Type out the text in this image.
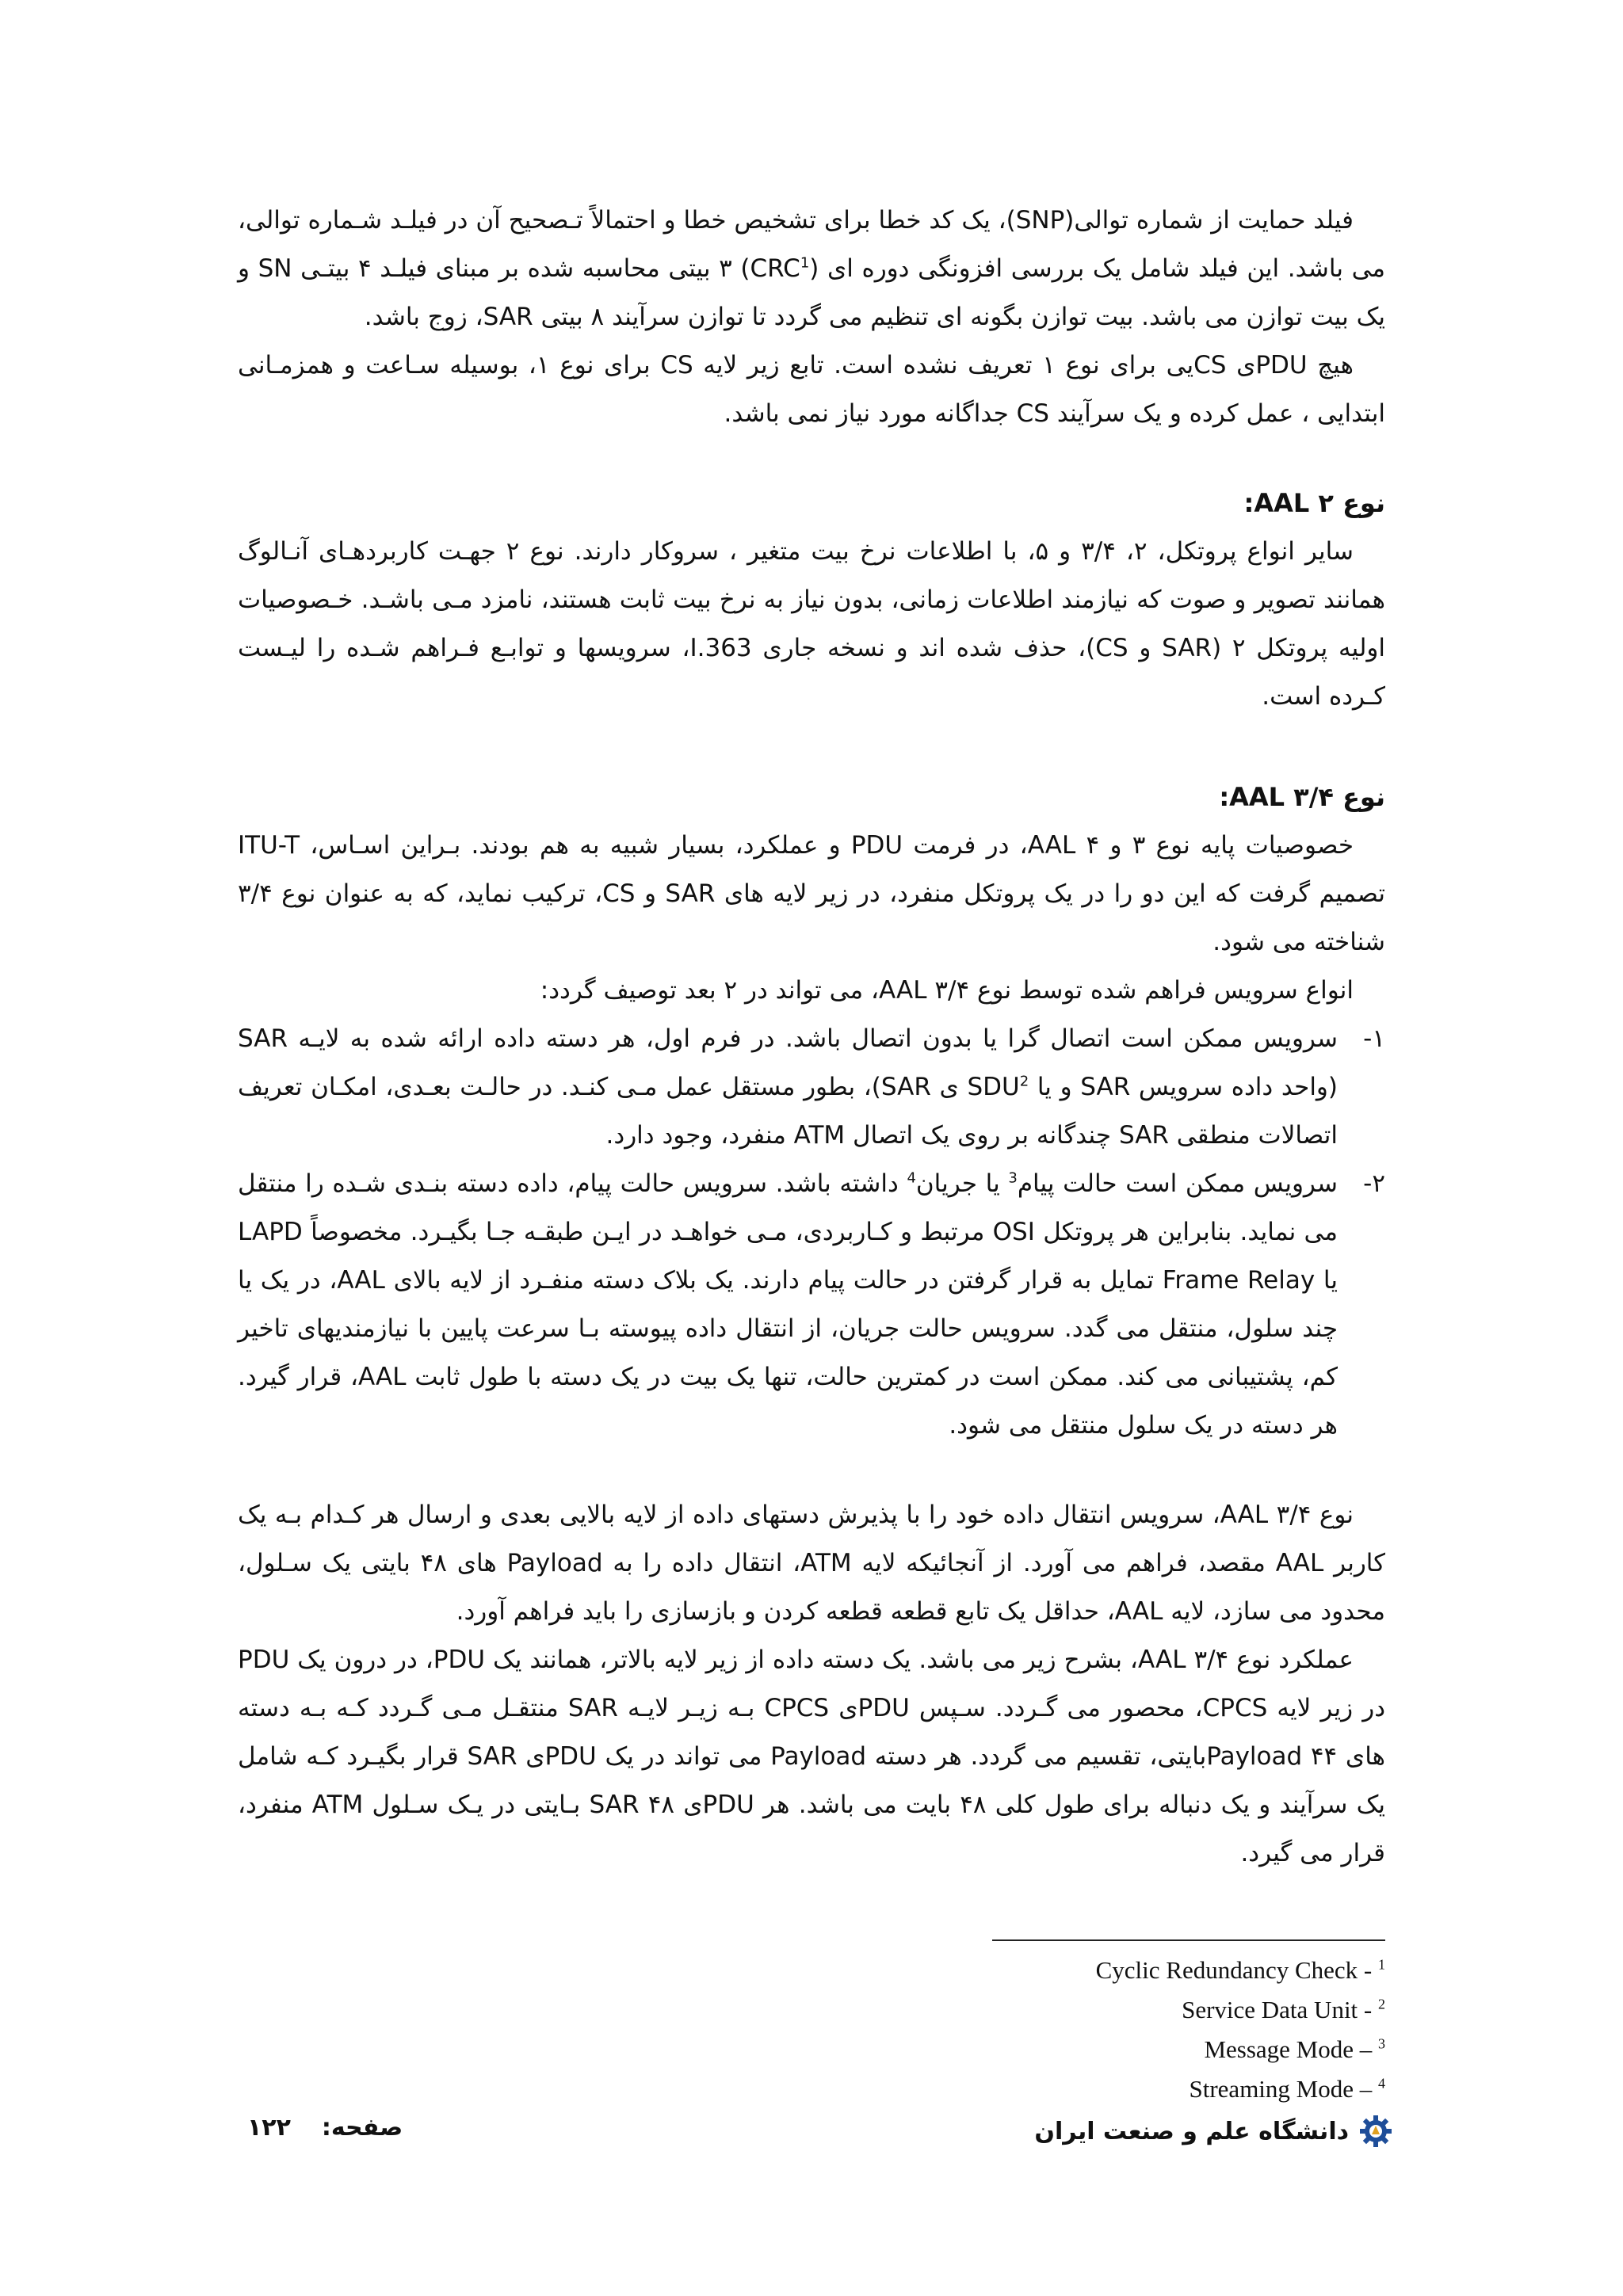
فیلد حمایت از شماره توالی(SNP)، یک کد خطا برای تشخیص خطا و احتمالاً تـصحیح آن در فیلـد شـماره توالی، می باشد. این فیلد شامل یک بررسی افزونگی دوره ای (CRC$^1$) ۳ بیتی محاسبه شده بر مبنای فیلـد ۴ بیتـی SN و یک بیت توازن می باشد. بیت توازن بگونه ای تنظیم می گردد تا توازن سرآیند ۸ بیتی SAR، زوج باشد.

هیچ PDUی CSیی برای نوع ۱ تعریف نشده است. تابع زیر لایه CS برای نوع ۱، بوسیله سـاعت و همزمـانی ابتدایی ، عمل کرده و یک سرآیند CS جداگانه مورد نیاز نمی باشد.

نوع ۲ AAL:

سایر انواع پروتکل، ۲، ۳/۴ و ۵، با اطلاعات نرخ بیت متغیر ، سروکار دارند. نوع ۲ جهـت کاربردهـای آنـالوگ همانند تصویر و صوت که نیازمند اطلاعات زمانی، بدون نیاز به نرخ بیت ثابت هستند، نامزد مـی باشـد. خـصوصیات اولیه پروتکل ۲ (SAR و CS)، حذف شده اند و نسخه جاری I.363، سرویسها و توابـع فـراهم شـده را لیـست کـرده است.

نوع ۳/۴ AAL:

خصوصیات پایه نوع ۳ و ۴ AAL، در فرمت PDU و عملکرد، بسیار شبیه به هم بودند. بـراین اسـاس، ITU-T تصمیم گرفت که این دو را در یک پروتکل منفرد، در زیر لایه های SAR و CS، ترکیب نماید، که به عنوان نوع ۳/۴ شناخته می شود.

انواع سرویس فراهم شده توسط نوع ۳/۴ AAL، می تواند در ۲ بعد توصیف گردد:

۱-
سرویس ممکن است اتصال گرا یا بدون اتصال باشد. در فرم اول، هر دسته داده ارائه شده به لایـه SAR (واحد داده سرویس SAR و یا SDU$^2$ ی SAR)، بطور مستقل عمل مـی کنـد. در حالـت بعـدی، امکـان تعریف اتصالات منطقی SAR چندگانه بر روی یک اتصال ATM منفرد، وجود دارد.
۲-
سرویس ممکن است حالت پیام$^3$ یا جریان$^4$ داشته باشد. سرویس حالت پیام، داده دسته بنـدی شـده را منتقل می نماید. بنابراین هر پروتکل OSI مرتبط و کـاربردی، مـی خواهـد در ایـن طبقـه جـا بگیـرد. مخصوصاً LAPD یا Frame Relay تمایل به قرار گرفتن در حالت پیام دارند. یک بلاک دسته منفـرد از لایه بالای AAL، در یک یا چند سلول، منتقل می گدد. سرویس حالت جریان، از انتقال داده پیوسته بـا سرعت پایین با نیازمندیهای تاخیر کم، پشتیبانی می کند. ممکن است در کمترین حالت، تنها یک بیت در یک دسته با طول ثابت AAL، قرار گیرد. هر دسته در یک سلول منتقل می شود.

نوع ۳/۴ AAL، سرویس انتقال داده خود را با پذیرش دستهای داده از لایه بالایی بعدی و ارسال هر کـدام بـه یک کاربر AAL مقصد، فراهم می آورد. از آنجائیکه لایه ATM، انتقال داده را به Payload های ۴۸ بایتی یک سـلول، محدود می سازد، لایه AAL، حداقل یک تابع قطعه قطعه کردن و بازسازی را باید فراهم آورد.

عملکرد نوع ۳/۴ AAL، بشرح زیر می باشد. یک دسته داده از زیر لایه بالاتر، همانند یک PDU، در درون یک PDU در زیر لایه CPCS، محصور می گـردد. سـپس PDUی CPCS بـه زیـر لایـه SAR منتقـل مـی گـردد کـه بـه دسته های Payload ۴۴بایتی، تقسیم می گردد. هر دسته Payload می تواند در یک PDUی SAR قرار بگیـرد کـه شامل یک سرآیند و یک دنباله برای طول کلی ۴۸ بایت می باشد. هر PDUی SAR ۴۸ بـایتی در یـک سـلول ATM منفرد، قرار می گیرد.

Cyclic Redundancy Check - $^1$
Service Data Unit - $^2$
Message Mode – $^3$
Streaming Mode – $^4$
دانشگاه علم و صنعت ایران
صفحه:  ۱۲۲
